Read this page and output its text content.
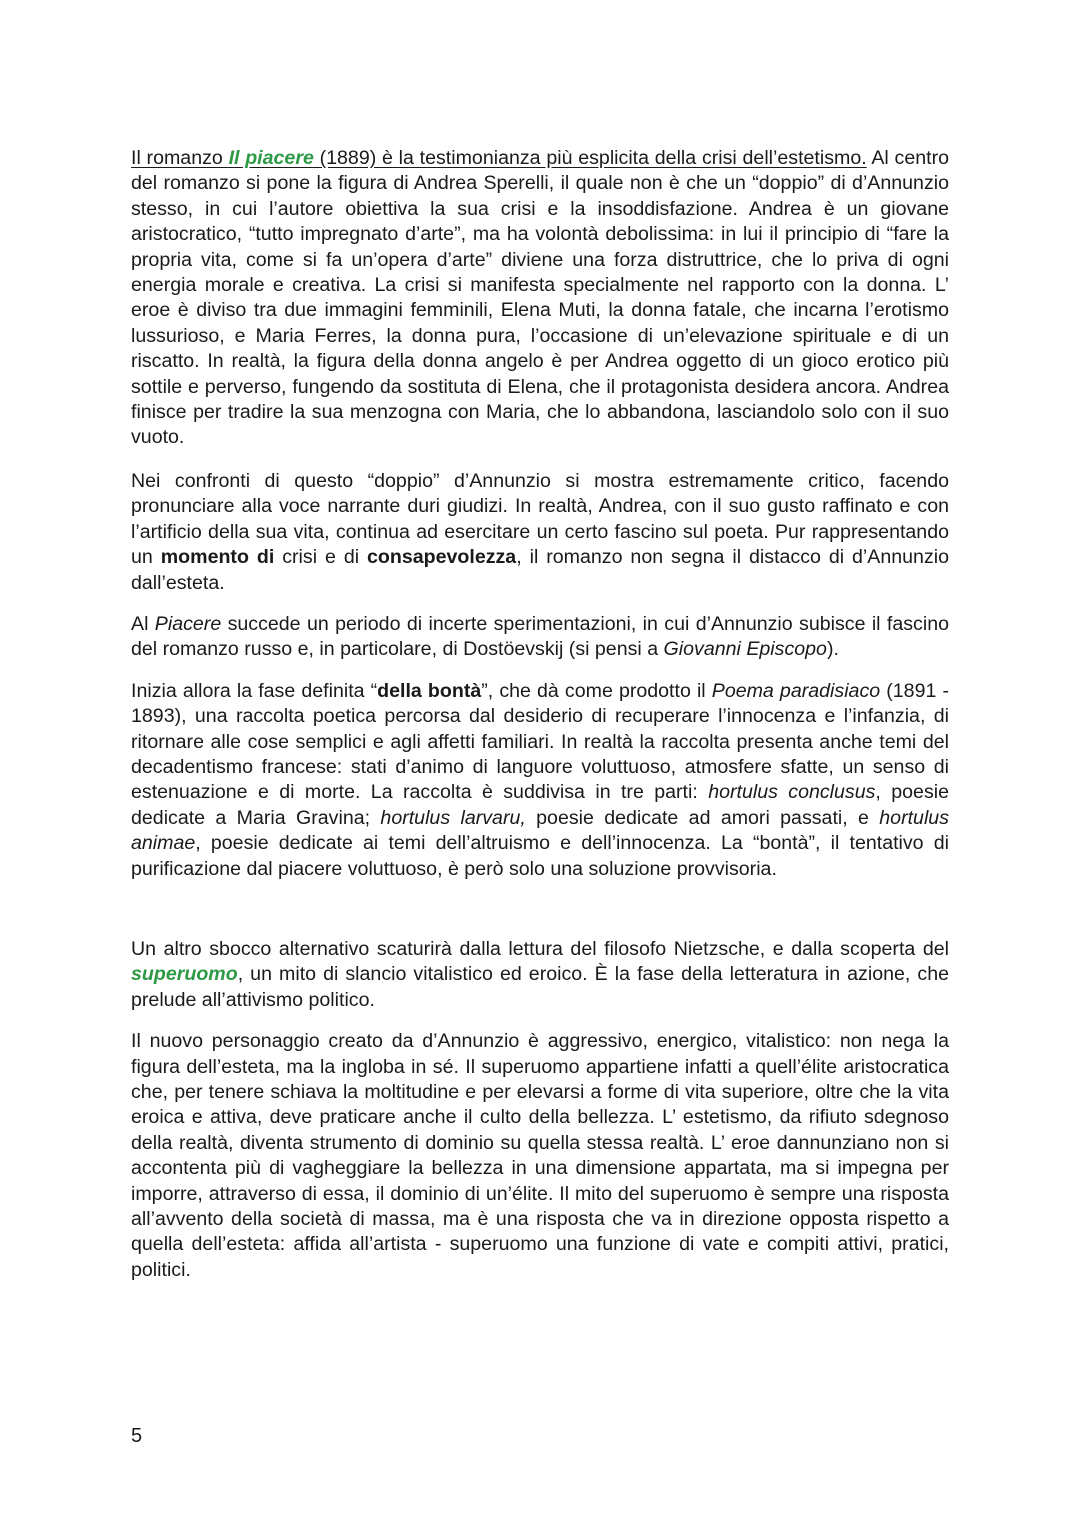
Il romanzo Il piacere (1889) è la testimonianza più esplicita della crisi dell’estetismo. Al centro del romanzo si pone la figura di Andrea Sperelli, il quale non è che un “doppio” di d’Annunzio stesso, in cui l’autore obiettiva la sua crisi e la insoddisfazione. Andrea è un giovane aristocratico, “tutto impregnato d’arte”, ma ha volontà debolissima: in lui il principio di “fare la propria vita, come si fa un’opera d’arte” diviene una forza distruttrice, che lo priva di ogni energia morale e creativa. La crisi si manifesta specialmente nel rapporto con la donna. L’ eroe è diviso tra due immagini femminili, Elena Muti, la donna fatale, che incarna l’erotismo lussurioso, e Maria Ferres, la donna pura, l’occasione di un’elevazione spirituale e di un riscatto. In realtà, la figura della donna angelo è per Andrea oggetto di un gioco erotico più sottile e perverso, fungendo da sostituta di Elena, che il protagonista desidera ancora. Andrea finisce per tradire la sua menzogna con Maria, che lo abbandona, lasciandolo solo con il suo vuoto.

Nei confronti di questo “doppio” d’Annunzio si mostra estremamente critico, facendo pronunciare alla voce narrante duri giudizi. In realtà, Andrea, con il suo gusto raffinato e con l’artificio della sua vita, continua ad esercitare un certo fascino sul poeta. Pur rappresentando un momento di crisi e di consapevolezza, il romanzo non segna il distacco di d’Annunzio dall’esteta.

Al Piacere succede un periodo di incerte sperimentazioni, in cui d’Annunzio subisce il fascino del romanzo russo e, in particolare, di Dostöevskij (si pensi a Giovanni Episcopo).

Inizia allora la fase definita “della bontà”, che dà come prodotto il Poema paradisiaco (1891 - 1893), una raccolta poetica percorsa dal desiderio di recuperare l’innocenza e l’infanzia, di ritornare alle cose semplici e agli affetti familiari. In realtà la raccolta presenta anche temi del decadentismo francese: stati d’animo di languore voluttuoso, atmosfere sfatte, un senso di estenuazione e di morte. La raccolta è suddivisa in tre parti: hortulus conclusus, poesie dedicate a Maria Gravina; hortulus larvaru, poesie dedicate ad amori passati, e hortulus animae, poesie dedicate ai temi dell’altruismo e dell’innocenza. La “bontà”, il tentativo di purificazione dal piacere voluttuoso, è però solo una soluzione provvisoria.

Un altro sbocco alternativo scaturirà dalla lettura del filosofo Nietzsche, e dalla scoperta del superuomo, un mito di slancio vitalistico ed eroico. È la fase della letteratura in azione, che prelude all’attivismo politico.

Il nuovo personaggio creato da d’Annunzio è aggressivo, energico, vitalistico: non nega la figura dell’esteta, ma la ingloba in sé. Il superuomo appartiene infatti a quell’élite aristocratica che, per tenere schiava la moltitudine e per elevarsi a forme di vita superiore, oltre che la vita eroica e attiva, deve praticare anche il culto della bellezza. L’ estetismo, da rifiuto sdegnoso della realtà, diventa strumento di dominio su quella stessa realtà. L’ eroe dannunziano non si accontenta più di vagheggiare la bellezza in una dimensione appartata, ma si impegna per imporre, attraverso di essa, il dominio di un’élite. Il mito del superuomo è sempre una risposta all’avvento della società di massa, ma è una risposta che va in direzione opposta rispetto a quella dell’esteta: affida all’artista - superuomo una funzione di vate e compiti attivi, pratici, politici.

5
